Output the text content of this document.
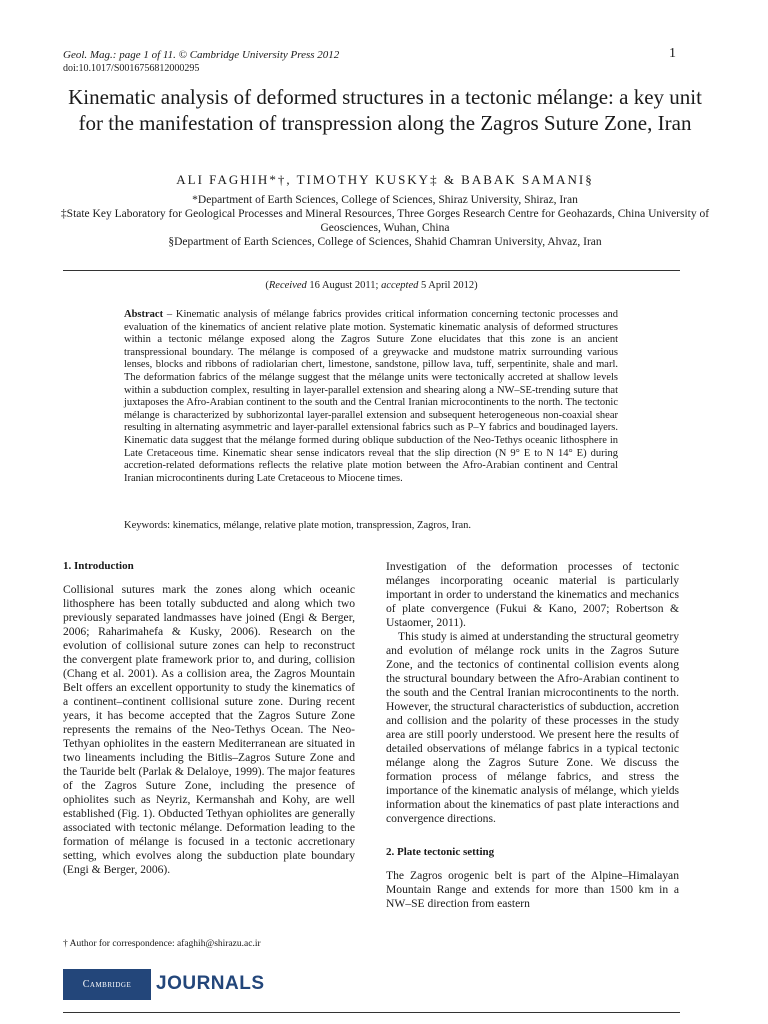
Geol. Mag.: page 1 of 11. © Cambridge University Press 2012
doi:10.1017/S0016756812000295
1
Kinematic analysis of deformed structures in a tectonic mélange: a key unit for the manifestation of transpression along the Zagros Suture Zone, Iran
ALI FAGHIH*†, TIMOTHY KUSKY‡ & BABAK SAMANI§
*Department of Earth Sciences, College of Sciences, Shiraz University, Shiraz, Iran
‡State Key Laboratory for Geological Processes and Mineral Resources, Three Gorges Research Centre for Geohazards, China University of Geosciences, Wuhan, China
§Department of Earth Sciences, College of Sciences, Shahid Chamran University, Ahvaz, Iran
(Received 16 August 2011; accepted 5 April 2012)
Abstract – Kinematic analysis of mélange fabrics provides critical information concerning tectonic processes and evaluation of the kinematics of ancient relative plate motion. Systematic kinematic analysis of deformed structures within a tectonic mélange exposed along the Zagros Suture Zone elucidates that this zone is an ancient transpressional boundary. The mélange is composed of a greywacke and mudstone matrix surrounding various lenses, blocks and ribbons of radiolarian chert, limestone, sandstone, pillow lava, tuff, serpentinite, shale and marl. The deformation fabrics of the mélange suggest that the mélange units were tectonically accreted at shallow levels within a subduction complex, resulting in layer-parallel extension and shearing along a NW–SE-trending suture that juxtaposes the Afro-Arabian continent to the south and the Central Iranian microcontinents to the north. The tectonic mélange is characterized by subhorizontal layer-parallel extension and subsequent heterogeneous non-coaxial shear resulting in alternating asymmetric and layer-parallel extensional fabrics such as P–Y fabrics and boudinaged layers. Kinematic data suggest that the mélange formed during oblique subduction of the Neo-Tethys oceanic lithosphere in Late Cretaceous time. Kinematic shear sense indicators reveal that the slip direction (N 9° E to N 14° E) during accretion-related deformations reflects the relative plate motion between the Afro-Arabian continent and Central Iranian microcontinents during Late Cretaceous to Miocene times.
Keywords: kinematics, mélange, relative plate motion, transpression, Zagros, Iran.
1. Introduction

Collisional sutures mark the zones along which oceanic lithosphere has been totally subducted and along which two previously separated landmasses have joined (Engi & Berger, 2006; Raharimahefa & Kusky, 2006). Research on the evolution of collisional suture zones can help to reconstruct the convergent plate framework prior to, and during, collision (Chang et al. 2001). As a collision area, the Zagros Mountain Belt offers an excellent opportunity to study the kinematics of a continent–continent collisional suture zone. During recent years, it has become accepted that the Zagros Suture Zone represents the remains of the Neo-Tethys Ocean. The Neo-Tethyan ophiolites in the eastern Mediterranean are situated in two lineaments including the Bitlis–Zagros Suture Zone and the Tauride belt (Parlak & Delaloye, 1999). The major features of the Zagros Suture Zone, including the presence of ophiolites such as Neyriz, Kermanshah and Kohy, are well established (Fig. 1). Obducted Tethyan ophiolites are generally associated with tectonic mélange. Deformation leading to the formation of mélange is focused in a tectonic accretionary setting, which evolves along the subduction plate boundary (Engi & Berger, 2006).

Investigation of the deformation processes of tectonic mélanges incorporating oceanic material is particularly important in order to understand the kinematics and mechanics of plate convergence (Fukui & Kano, 2007; Robertson & Ustaomer, 2011).

This study is aimed at understanding the structural geometry and evolution of mélange rock units in the Zagros Suture Zone, and the tectonics of continental collision events along the structural boundary between the Afro-Arabian continent to the south and the Central Iranian microcontinents to the north. However, the structural characteristics of subduction, accretion and collision and the polarity of these processes in the study area are still poorly understood. We present here the results of detailed observations of mélange fabrics in a typical tectonic mélange along the Zagros Suture Zone. We discuss the formation process of mélange fabrics, and stress the importance of the kinematic analysis of mélange, which yields information about the kinematics of past plate interactions and convergence directions.

2. Plate tectonic setting

The Zagros orogenic belt is part of the Alpine–Himalayan Mountain Range and extends for more than 1500 km in a NW–SE direction from eastern

† Author for correspondence: afaghih@shirazu.ac.ir
Cambridge JOURNALS
